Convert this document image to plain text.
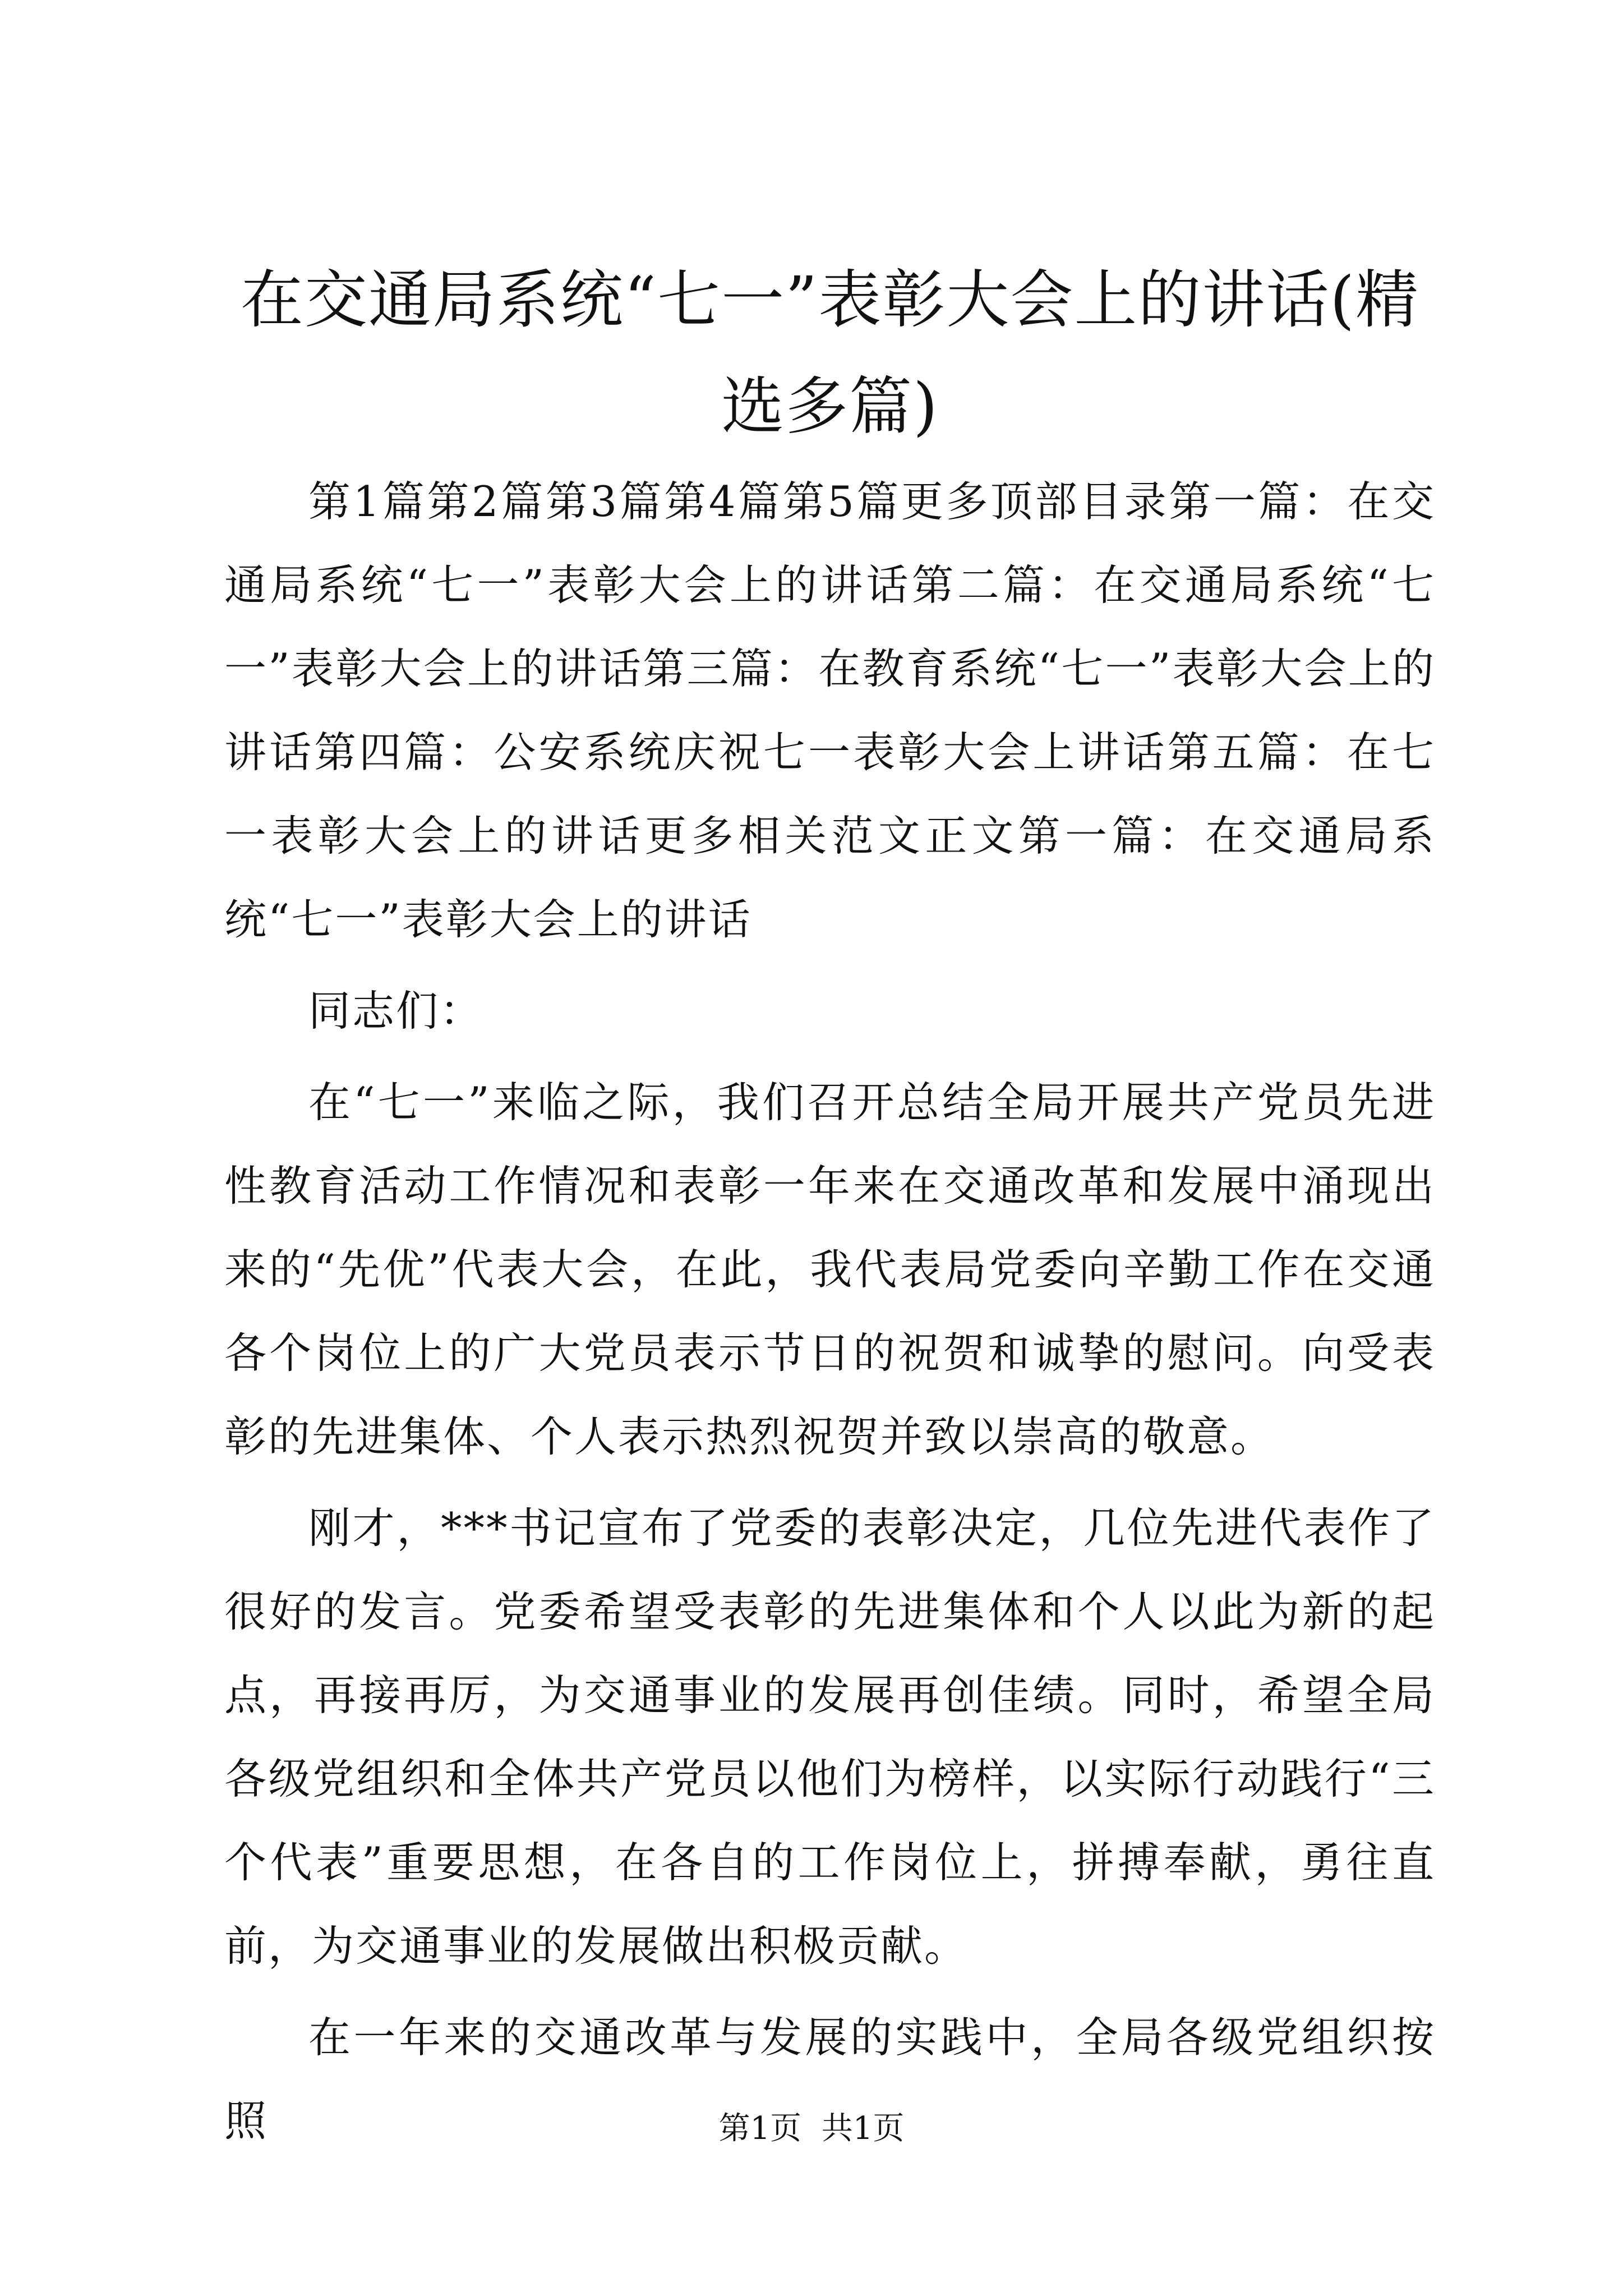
在交通局系统“七一”表彰大会上的讲话(精选多篇)

第1篇第2篇第3篇第4篇第5篇更多顶部目录第一篇：在交通局系统“七一”表彰大会上的讲话第二篇：在交通局系统“七一”表彰大会上的讲话第三篇：在教育系统“七一”表彰大会上的讲话第四篇：公安系统庆祝七一表彰大会上讲话第五篇：在七一表彰大会上的讲话更多相关范文正文第一篇：在交通局系统“七一”表彰大会上的讲话

同志们：

在“七一”来临之际，我们召开总结全局开展共产党员先进性教育活动工作情况和表彰一年来在交通改革和发展中涌现出来的“先优”代表大会，在此，我代表局党委向辛勤工作在交通各个岗位上的广大党员表示节日的祝贺和诚挚的慰问。向受表彰的先进集体、个人表示热烈祝贺并致以崇高的敬意。

刚才，***书记宣布了党委的表彰决定，几位先进代表作了很好的发言。党委希望受表彰的先进集体和个人以此为新的起点，再接再厉，为交通事业的发展再创佳绩。同时，希望全局各级党组织和全体共产党员以他们为榜样，以实际行动践行“三个代表”重要思想，在各自的工作岗位上，拼搏奉献，勇往直前，为交通事业的发展做出积极贡献。

在一年来的交通改革与发展的实践中，全局各级党组织按照	第1页 共1页
